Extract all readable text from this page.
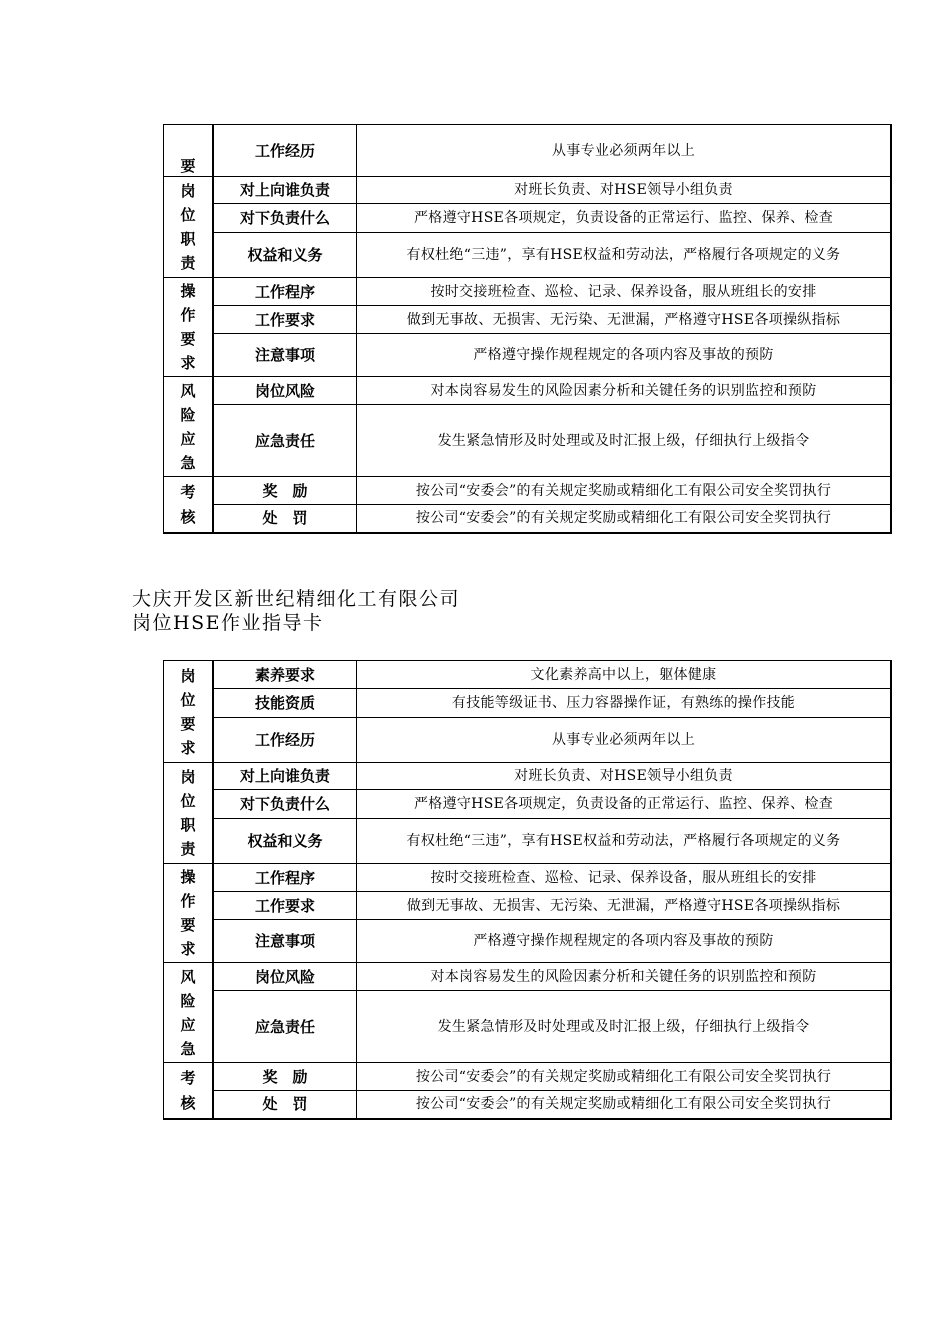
要	工作经历	从事专业必须两年以上

岗
位
职
责	对上向谁负责	对班长负责、对HSE领导小组负责
	对下负责什么	严格遵守HSE各项规定，负责设备的正常运行、监控、保养、检查
	权益和义务	有权杜绝“三违”，享有HSE权益和劳动法，严格履行各项规定的义务

操
作
要
求	工作程序	按时交接班检查、巡检、记录、保养设备，服从班组长的安排
	工作要求	做到无事故、无损害、无污染、无泄漏，严格遵守HSE各项操纵指标
	注意事项	严格遵守操作规程规定的各项内容及事故的预防

风
险
应
急	岗位风险	对本岗容易发生的风险因素分析和关键任务的识别监控和预防
	应急责任	发生紧急情形及时处理或及时汇报上级，仔细执行上级指令

考
核	奖　励	按公司“安委会”的有关规定奖励或精细化工有限公司安全奖罚执行
	处　罚	按公司“安委会”的有关规定奖励或精细化工有限公司安全奖罚执行
大庆开发区新世纪精细化工有限公司
岗位HSE作业指导卡
岗
位
要
求	素养要求	文化素养高中以上，躯体健康
	技能资质	有技能等级证书、压力容器操作证，有熟练的操作技能
	工作经历	从事专业必须两年以上

岗
位
职
责	对上向谁负责	对班长负责、对HSE领导小组负责
	对下负责什么	严格遵守HSE各项规定，负责设备的正常运行、监控、保养、检查
	权益和义务	有权杜绝“三违”，享有HSE权益和劳动法，严格履行各项规定的义务

操
作
要
求	工作程序	按时交接班检查、巡检、记录、保养设备，服从班组长的安排
	工作要求	做到无事故、无损害、无污染、无泄漏，严格遵守HSE各项操纵指标
	注意事项	严格遵守操作规程规定的各项内容及事故的预防

风
险
应
急	岗位风险	对本岗容易发生的风险因素分析和关键任务的识别监控和预防
	应急责任	发生紧急情形及时处理或及时汇报上级，仔细执行上级指令

考
核	奖　励	按公司“安委会”的有关规定奖励或精细化工有限公司安全奖罚执行
	处　罚	按公司“安委会”的有关规定奖励或精细化工有限公司安全奖罚执行
